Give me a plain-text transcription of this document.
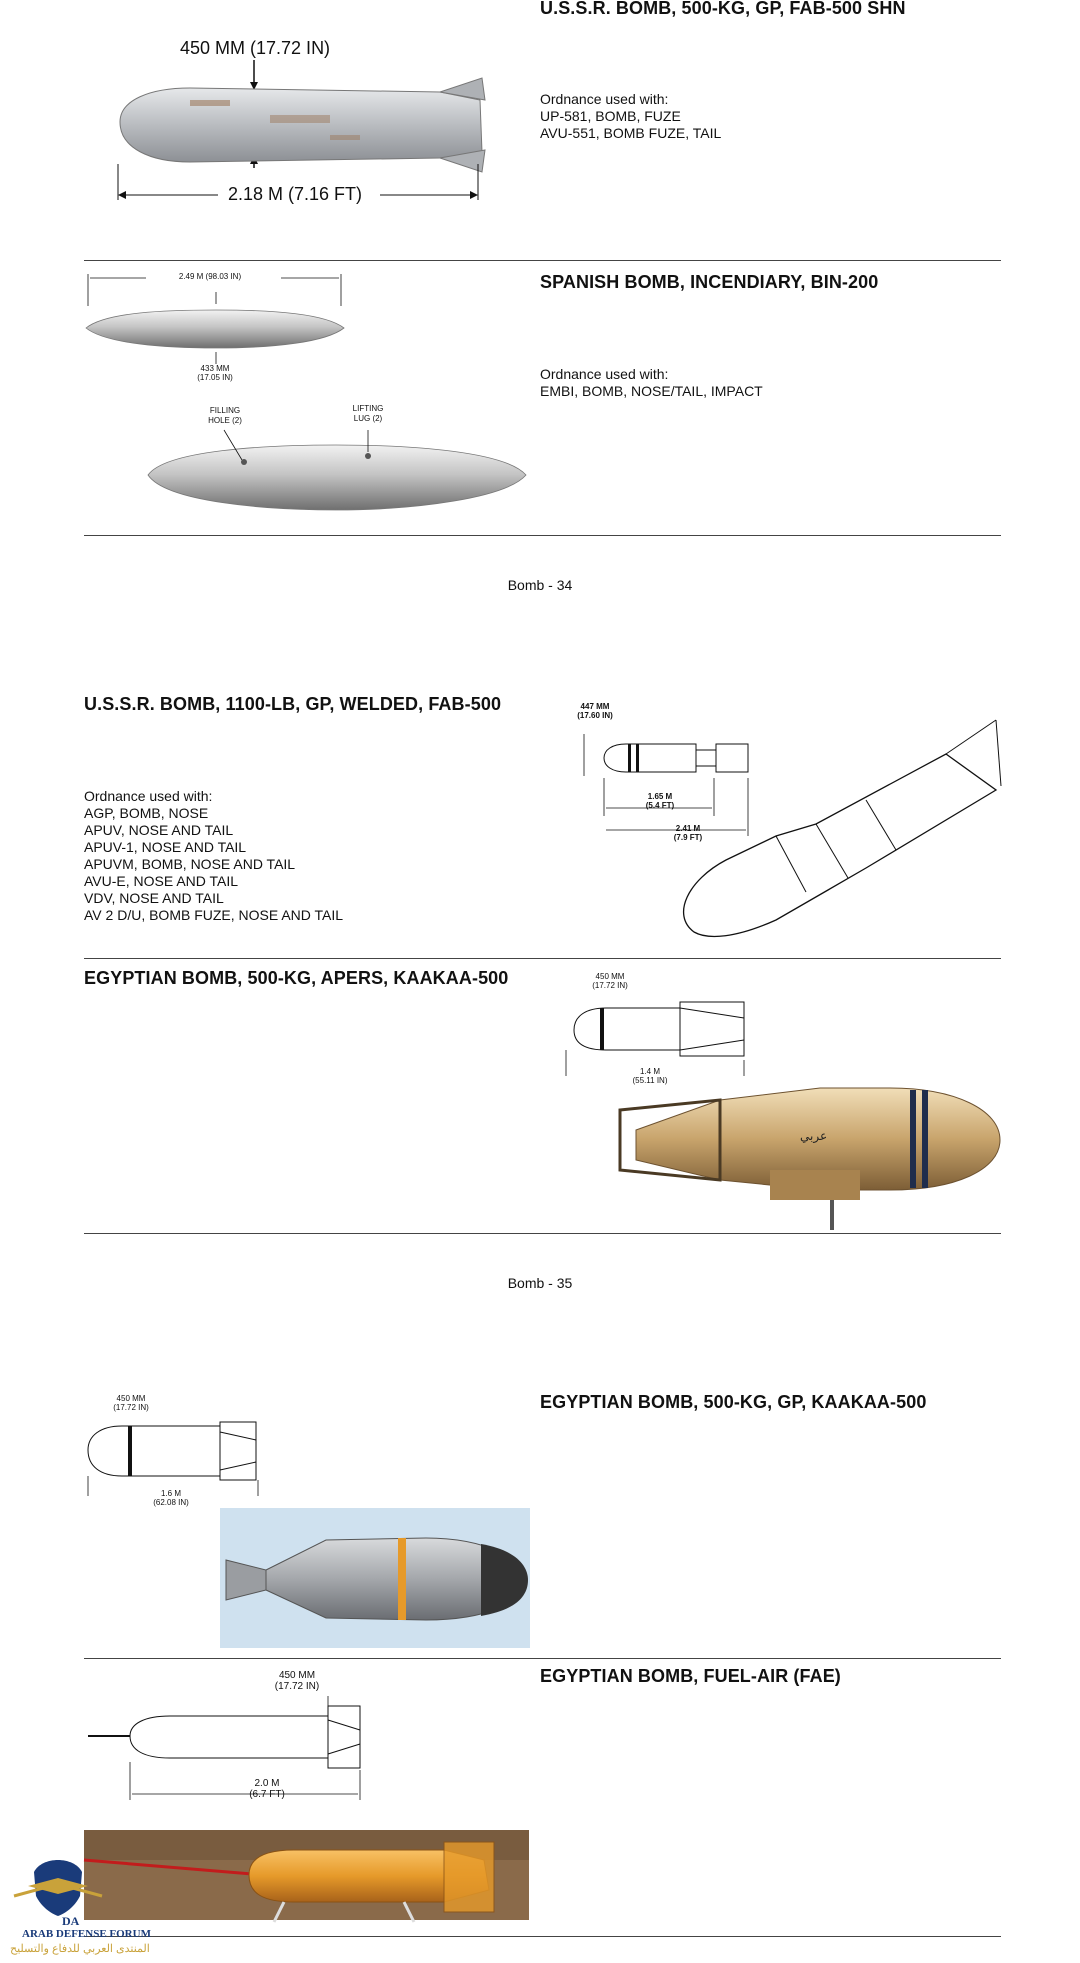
U.S.S.R. BOMB, 500-KG, GP, FAB-500 SHN
Ordnance used with:
UP-581, BOMB, FUZE
AVU-551, BOMB FUZE, TAIL
450 MM (17.72 IN)
2.18 M (7.16 FT)
SPANISH BOMB, INCENDIARY, BIN-200
Ordnance used with:
EMBI, BOMB, NOSE/TAIL, IMPACT
2.49 M (98.03 IN)
433 MM
(17.05 IN)
FILLING
HOLE (2)
LIFTING
LUG (2)
Bomb - 34
U.S.S.R. BOMB, 1100-LB, GP, WELDED, FAB-500
Ordnance used with:
AGP, BOMB, NOSE
APUV, NOSE AND TAIL
APUV-1, NOSE AND TAIL
APUVM, BOMB, NOSE AND TAIL
AVU-E, NOSE AND TAIL
VDV, NOSE AND TAIL
AV 2 D/U, BOMB FUZE, NOSE AND TAIL
447 MM
(17.60 IN)
1.65 M
(5.4 FT)
2.41 M
(7.9 FT)
EGYPTIAN BOMB, 500-KG, APERS, KAAKAA-500	450 MM
(17.72 IN)
1.4 M
(55.11 IN)
‏عربي‏
Bomb - 35
EGYPTIAN BOMB, 500-KG, GP, KAAKAA-500
450 MM
(17.72 IN)
1.6 M
(62.08 IN)
EGYPTIAN BOMB, FUEL-AIR (FAE)
450 MM
(17.72 IN)
2.0 M
(6.7 FT)
DA
ARAB DEFENSE FORUM
المنتدى العربي للدفاع والتسليح
